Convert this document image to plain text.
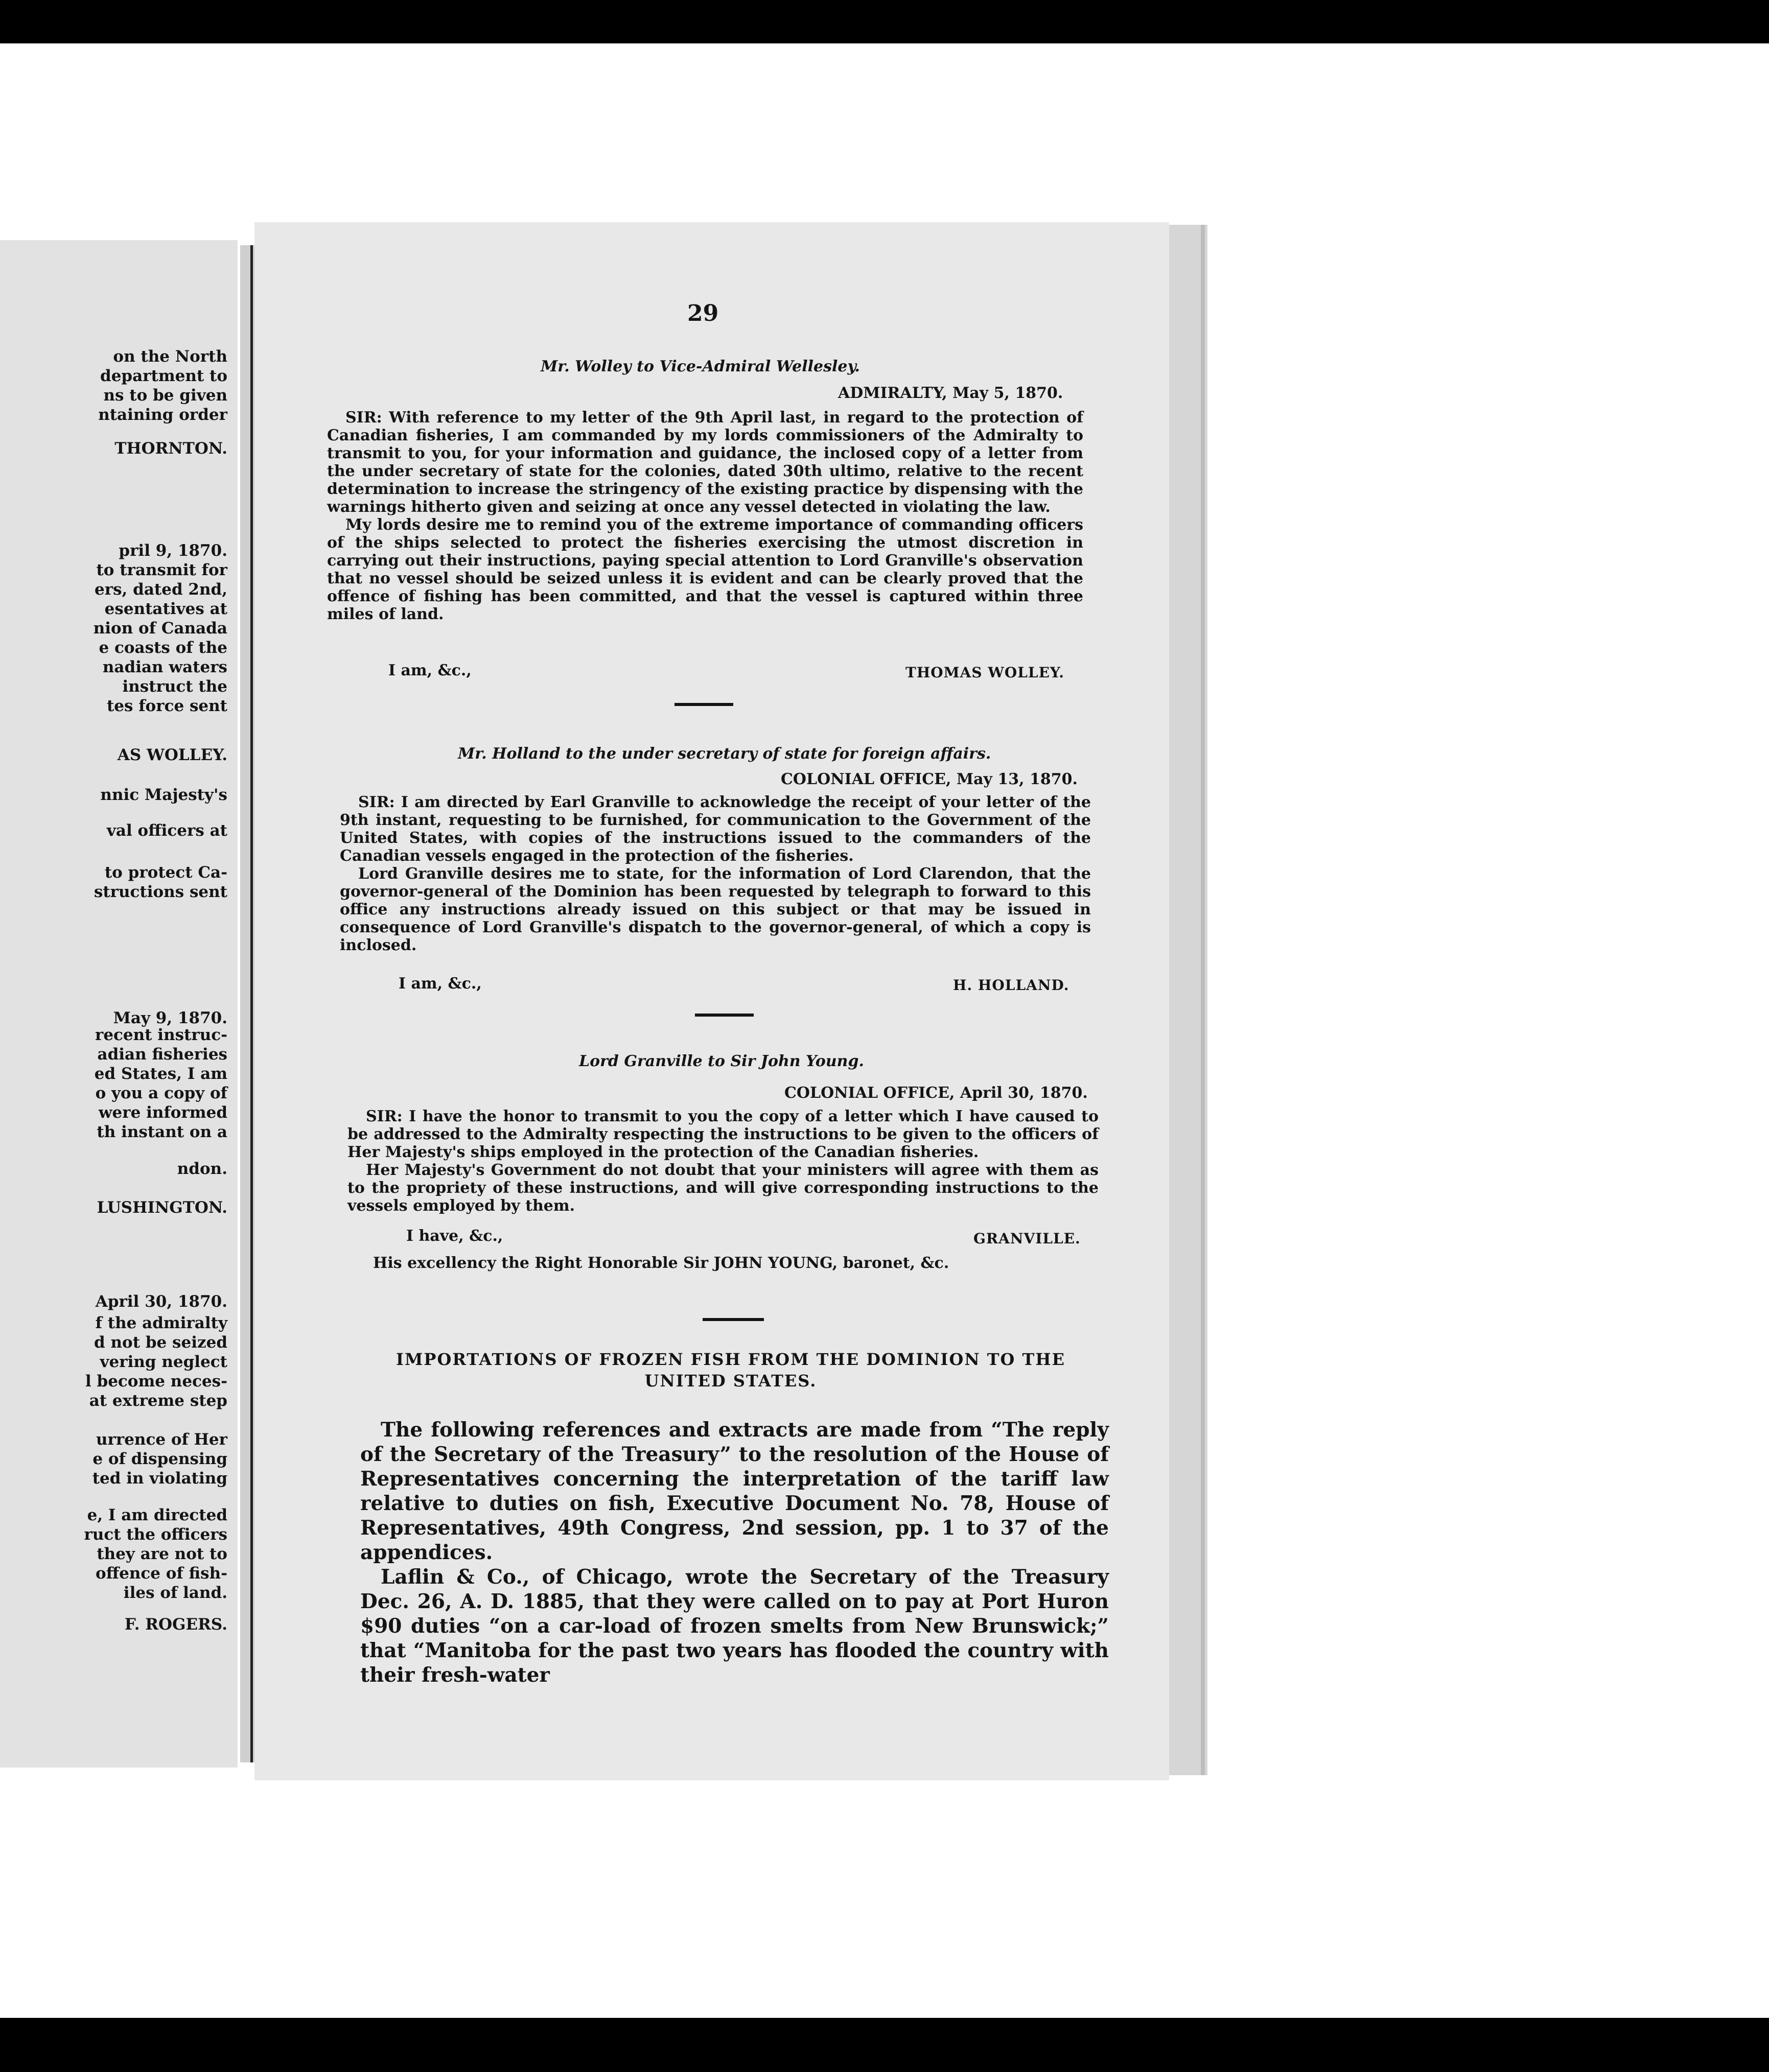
on the North
department to
ns to be given
ntaining order
THORNTON.
pril 9, 1870.
to transmit for
ers, dated 2nd,
esentatives at
nion of Canada
e coasts of the
nadian waters
instruct the
tes force sent
AS WOLLEY.
nnic Majesty's
val officers at
to protect Ca-
structions sent
May 9, 1870.
recent instruc-
adian fisheries
ed States, I am
o you a copy of
were informed
th instant on a
ndon.
LUSHINGTON.
April 30, 1870.
f the admiralty
d not be seized
vering neglect
l become neces-
at extreme step
urrence of Her
e of dispensing
ted in violating
e, I am directed
ruct the officers
they are not to
offence of fish-
iles of land.
F. ROGERS.
29
Mr. Wolley to Vice-Admiral Wellesley.
ADMIRALTY, May 5, 1870.

SIR: With reference to my letter of the 9th April last, in regard to the protection of Canadian fisheries, I am commanded by my lords commissioners of the Admiralty to transmit to you, for your information and guidance, the inclosed copy of a letter from the under secretary of state for the colonies, dated 30th ultimo, relative to the recent determination to increase the stringency of the existing practice by dispensing with the warnings hitherto given and seizing at once any vessel detected in violating the law.

My lords desire me to remind you of the extreme importance of commanding officers of the ships selected to protect the fisheries exercising the utmost discretion in carrying out their instructions, paying special attention to Lord Granville's observation that no vessel should be seized unless it is evident and can be clearly proved that the offence of fishing has been committed, and that the vessel is captured within three miles of land.

I am, &c.,	THOMAS WOLLEY.
Mr. Holland to the under secretary of state for foreign affairs.
COLONIAL OFFICE, May 13, 1870.

SIR: I am directed by Earl Granville to acknowledge the receipt of your letter of the 9th instant, requesting to be furnished, for communication to the Government of the United States, with copies of the instructions issued to the commanders of the Canadian vessels engaged in the protection of the fisheries.

Lord Granville desires me to state, for the information of Lord Clarendon, that the governor-general of the Dominion has been requested by telegraph to forward to this office any instructions already issued on this subject or that may be issued in consequence of Lord Granville's dispatch to the governor-general, of which a copy is inclosed.

I am, &c.,	H. HOLLAND.
Lord Granville to Sir John Young.
COLONIAL OFFICE, April 30, 1870.

SIR: I have the honor to transmit to you the copy of a letter which I have caused to be addressed to the Admiralty respecting the instructions to be given to the officers of Her Majesty's ships employed in the protection of the Canadian fisheries.

Her Majesty's Government do not doubt that your ministers will agree with them as to the propriety of these instructions, and will give corresponding instructions to the vessels employed by them.

I have, &c.,	GRANVILLE.
His excellency the Right Honorable Sir JOHN YOUNG, baronet, &c.
IMPORTATIONS OF FROZEN FISH FROM THE DOMINION TO THE UNITED STATES.

The following references and extracts are made from “The reply of the Secretary of the Treasury” to the resolution of the House of Representatives concerning the interpretation of the tariff law relative to duties on fish, Executive Document No. 78, House of Representatives, 49th Congress, 2nd session, pp. 1 to 37 of the appendices.

Laflin & Co., of Chicago, wrote the Secretary of the Treasury Dec. 26, A. D. 1885, that they were called on to pay at Port Huron $90 duties “on a car-load of frozen smelts from New Brunswick;” that “Manitoba for the past two years has flooded the country with their fresh-water
